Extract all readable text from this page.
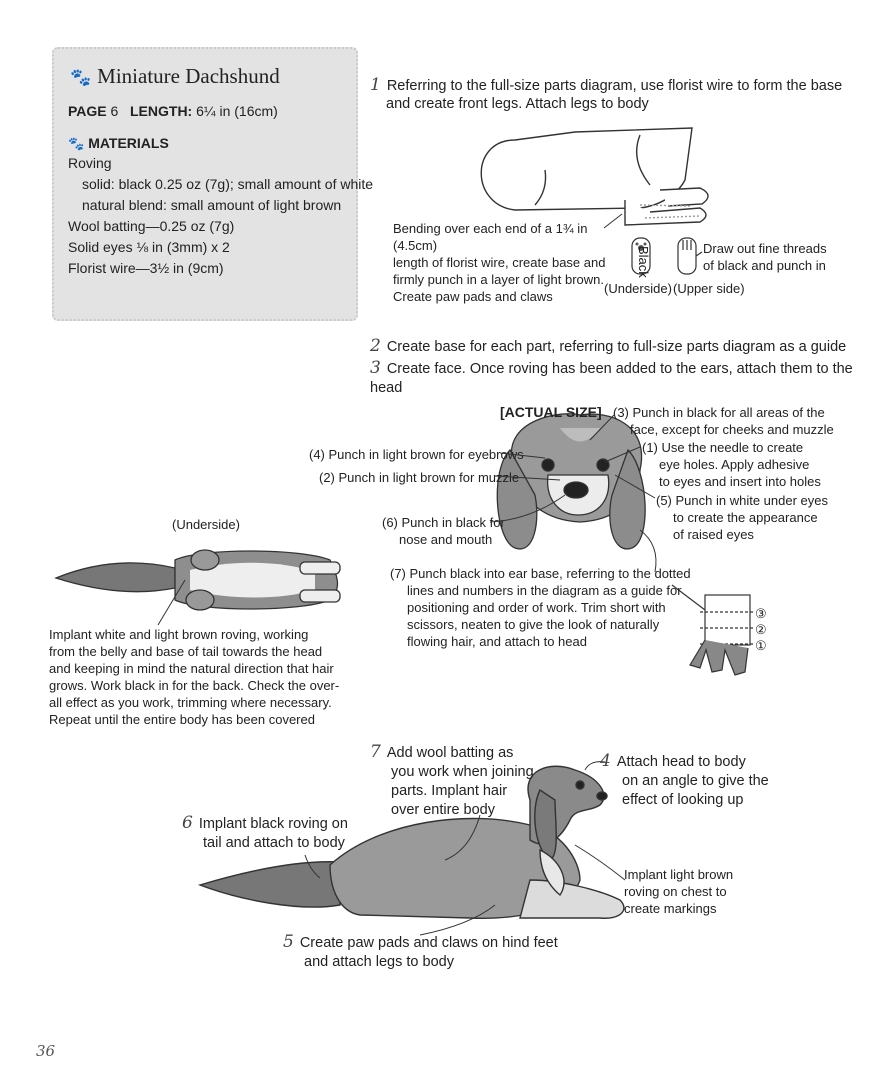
🐾 Miniature Dachshund
PAGE 6 LENGTH: 6¼ in (16cm)
🐾 MATERIALS
Roving
solid: black 0.25 oz (7g); small amount of white
natural blend: small amount of light brown
Wool batting—0.25 oz (7g)
Solid eyes ⅛ in (3mm) x 2
Florist wire—3½ in (9cm)
1 Referring to the full-size parts diagram, use florist wire to form the base
and create front legs. Attach legs to body
Bending over each end of a 1¾ in (4.5cm)
length of florist wire, create base and
firmly punch in a layer of light brown.
Create paw pads and claws
Black	Draw out fine threads
of black and punch in
(Underside) (Upper side)
2 Create base for each part, referring to full-size parts diagram as a guide
3 Create face. Once roving has been added to the ears, attach them to the head
[ACTUAL SIZE] (3) Punch in black for all areas of the
face, except for cheeks and muzzle
(4) Punch in light brown for eyebrows	(1) Use the needle to create
eye holes. Apply adhesive
to eyes and insert into holes
(2) Punch in light brown for muzzle
(5) Punch in white under eyes
to create the appearance
of raised eyes
(6) Punch in black for
nose and mouth
(7) Punch black into ear base, referring to the dotted
lines and numbers in the diagram as a guide for
positioning and order of work. Trim short with
scissors, neaten to give the look of naturally
flowing hair, and attach to head
③
②
①
(Underside)
Implant white and light brown roving, working
from the belly and base of tail towards the head
and keeping in mind the natural direction that hair
grows. Work black in for the back. Check the over-
all effect as you work, trimming where necessary.
Repeat until the entire body has been covered
7 Add wool batting as
you work when joining
parts. Implant hair
over entire body
4 Attach head to body
on an angle to give the
effect of looking up
6 Implant black roving on
tail and attach to body
Implant light brown
roving on chest to
create markings
5 Create paw pads and claws on hind feet
and attach legs to body
36
